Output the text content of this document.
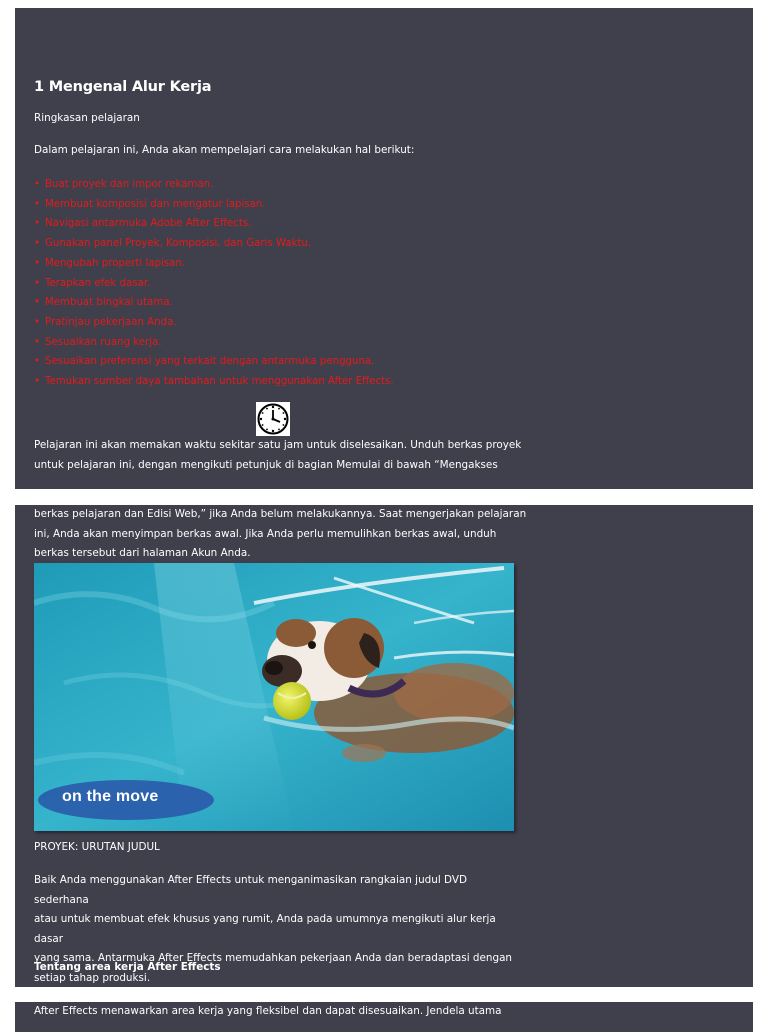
1 Mengenal Alur Kerja
Ringkasan pelajaran
Dalam pelajaran ini, Anda akan mempelajari cara melakukan hal berikut:
• Buat proyek dan impor rekaman.
• Membuat komposisi dan mengatur lapisan.
• Navigasi antarmuka Adobe After Effects.
• Gunakan panel Proyek, Komposisi, dan Garis Waktu.
• Mengubah properti lapisan.
• Terapkan efek dasar.
• Membuat bingkai utama.
• Pratinjau pekerjaan Anda.
• Sesuaikan ruang kerja.
• Sesuaikan preferensi yang terkait dengan antarmuka pengguna.
• Temukan sumber daya tambahan untuk menggunakan After Effects.

Pelajaran ini akan memakan waktu sekitar satu jam untuk diselesaikan. Unduh berkas proyek

untuk pelajaran ini, dengan mengikuti petunjuk di bagian Memulai di bawah “Mengakses

berkas pelajaran dan Edisi Web,” jika Anda belum melakukannya. Saat mengerjakan pelajaran

ini, Anda akan menyimpan berkas awal. Jika Anda perlu memulihkan berkas awal, unduh

berkas tersebut dari halaman Akun Anda.

on the move
PROYEK: URUTAN JUDUL

Baik Anda menggunakan After Effects untuk menganimasikan rangkaian judul DVD sederhana

atau untuk membuat efek khusus yang rumit, Anda pada umumnya mengikuti alur kerja dasar

yang sama. Antarmuka After Effects memudahkan pekerjaan Anda dan beradaptasi dengan

setiap tahap produksi.

Tentang area kerja After Effects

After Effects menawarkan area kerja yang fleksibel dan dapat disesuaikan. Jendela utama
